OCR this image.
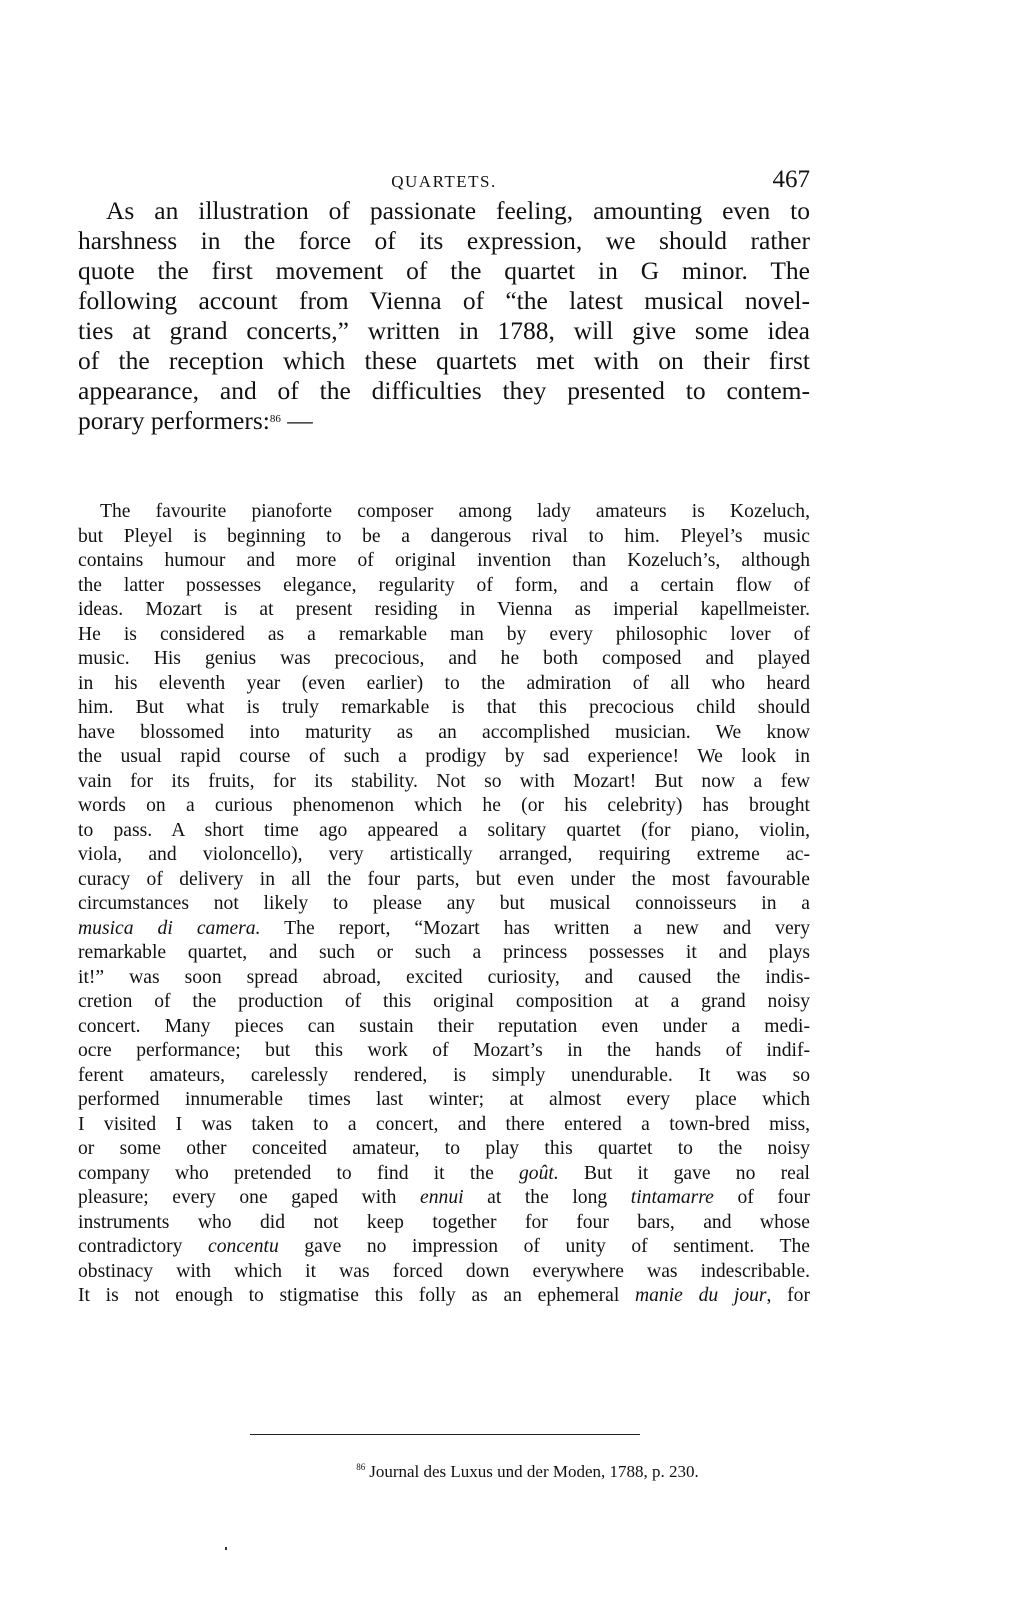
QUARTETS.	467
As an illustration of passionate feeling, amounting even to
harshness in the force of its expression, we should rather
quote the first movement of the quartet in G minor. The
following account from Vienna of “the latest musical novel-
ties at grand concerts,” written in 1788, will give some idea
of the reception which these quartets met with on their first
appearance, and of the difficulties they presented to contem-
porary performers:$^{86}$ —
The favourite pianoforte composer among lady amateurs is Kozeluch,
but Pleyel is beginning to be a dangerous rival to him. Pleyel’s music
contains humour and more of original invention than Kozeluch’s, although
the latter possesses elegance, regularity of form, and a certain flow of
ideas. Mozart is at present residing in Vienna as imperial kapellmeister.
He is considered as a remarkable man by every philosophic lover of
music. His genius was precocious, and he both composed and played
in his eleventh year (even earlier) to the admiration of all who heard
him. But what is truly remarkable is that this precocious child should
have blossomed into maturity as an accomplished musician. We know
the usual rapid course of such a prodigy by sad experience! We look in
vain for its fruits, for its stability. Not so with Mozart! But now a few
words on a curious phenomenon which he (or his celebrity) has brought
to pass. A short time ago appeared a solitary quartet (for piano, violin,
viola, and violoncello), very artistically arranged, requiring extreme ac-
curacy of delivery in all the four parts, but even under the most favourable
circumstances not likely to please any but musical connoisseurs in a
musica di camera. The report, “Mozart has written a new and very
remarkable quartet, and such or such a princess possesses it and plays
it!” was soon spread abroad, excited curiosity, and caused the indis-
cretion of the production of this original composition at a grand noisy
concert. Many pieces can sustain their reputation even under a medi-
ocre performance; but this work of Mozart’s in the hands of indif-
ferent amateurs, carelessly rendered, is simply unendurable. It was so
performed innumerable times last winter; at almost every place which
I visited I was taken to a concert, and there entered a town-bred miss,
or some other conceited amateur, to play this quartet to the noisy
company who pretended to find it the goût. But it gave no real
pleasure; every one gaped with ennui at the long tintamarre of four
instruments who did not keep together for four bars, and whose
contradictory concentu gave no impression of unity of sentiment. The
obstinacy with which it was forced down everywhere was indescribable.
It is not enough to stigmatise this folly as an ephemeral manie du jour, for
$^{86}$ Journal des Luxus und der Moden, 1788, p. 230.
